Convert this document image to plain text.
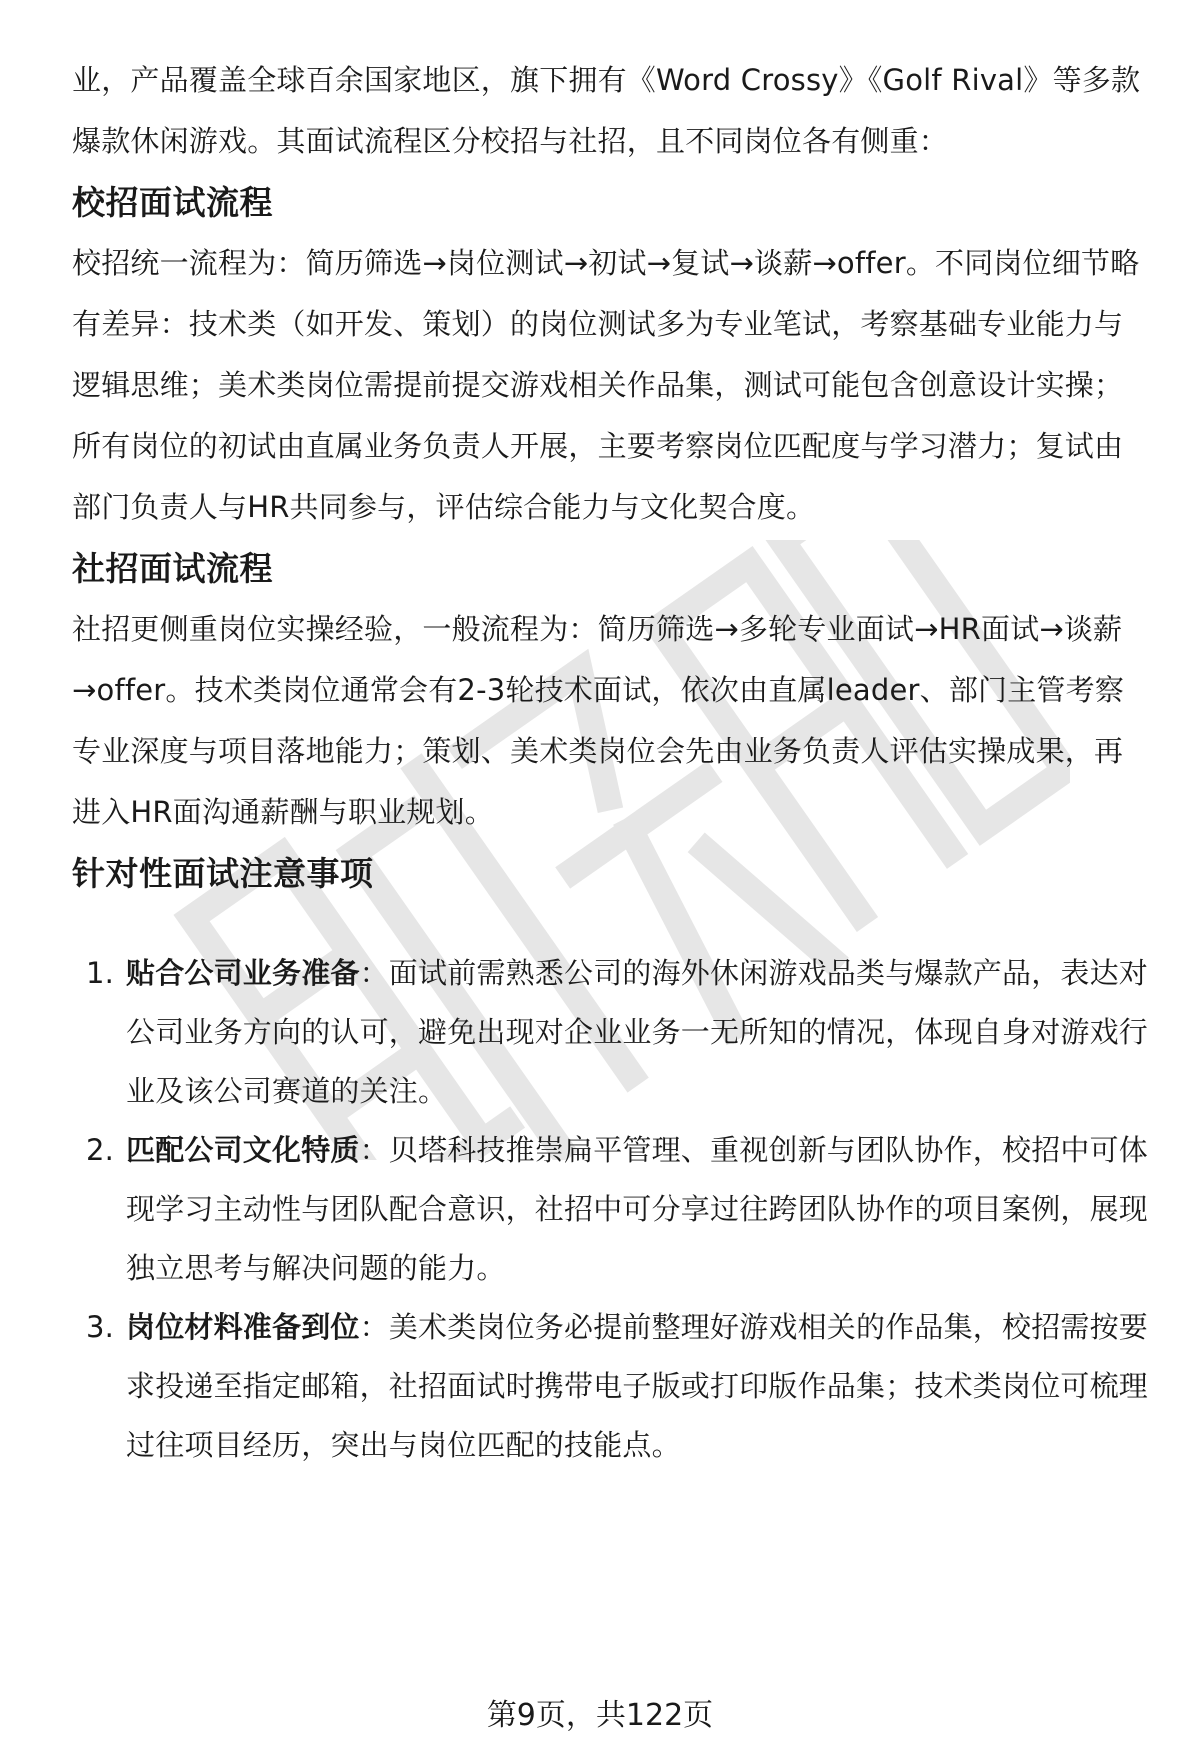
业，产品覆盖全球百余国家地区，旗下拥有《Word Crossy》《Golf Rival》等多款爆款休闲游戏。其面试流程区分校招与社招，且不同岗位各有侧重：

校招面试流程

校招统一流程为：简历筛选→岗位测试→初试→复试→谈薪→offer。不同岗位细节略有差异：技术类（如开发、策划）的岗位测试多为专业笔试，考察基础专业能力与逻辑思维；美术类岗位需提前提交游戏相关作品集，测试可能包含创意设计实操；所有岗位的初试由直属业务负责人开展，主要考察岗位匹配度与学习潜力；复试由部门负责人与HR共同参与，评估综合能力与文化契合度。

社招面试流程

社招更侧重岗位实操经验，一般流程为：简历筛选→多轮专业面试→HR面试→谈薪→offer。技术类岗位通常会有2-3轮技术面试，依次由直属leader、部门主管考察专业深度与项目落地能力；策划、美术类岗位会先由业务负责人评估实操成果，再进入HR面沟通薪酬与职业规划。

针对性面试注意事项
1. 贴合公司业务准备：面试前需熟悉公司的海外休闲游戏品类与爆款产品，表达对公司业务方向的认可，避免出现对企业业务一无所知的情况，体现自身对游戏行业及该公司赛道的关注。
2. 匹配公司文化特质：贝塔科技推崇扁平管理、重视创新与团队协作，校招中可体现学习主动性与团队配合意识，社招中可分享过往跨团队协作的项目案例，展现独立思考与解决问题的能力。
3. 岗位材料准备到位：美术类岗位务必提前整理好游戏相关的作品集，校招需按要求投递至指定邮箱，社招面试时携带电子版或打印版作品集；技术类岗位可梳理过往项目经历，突出与岗位匹配的技能点。
第9页，共122页
